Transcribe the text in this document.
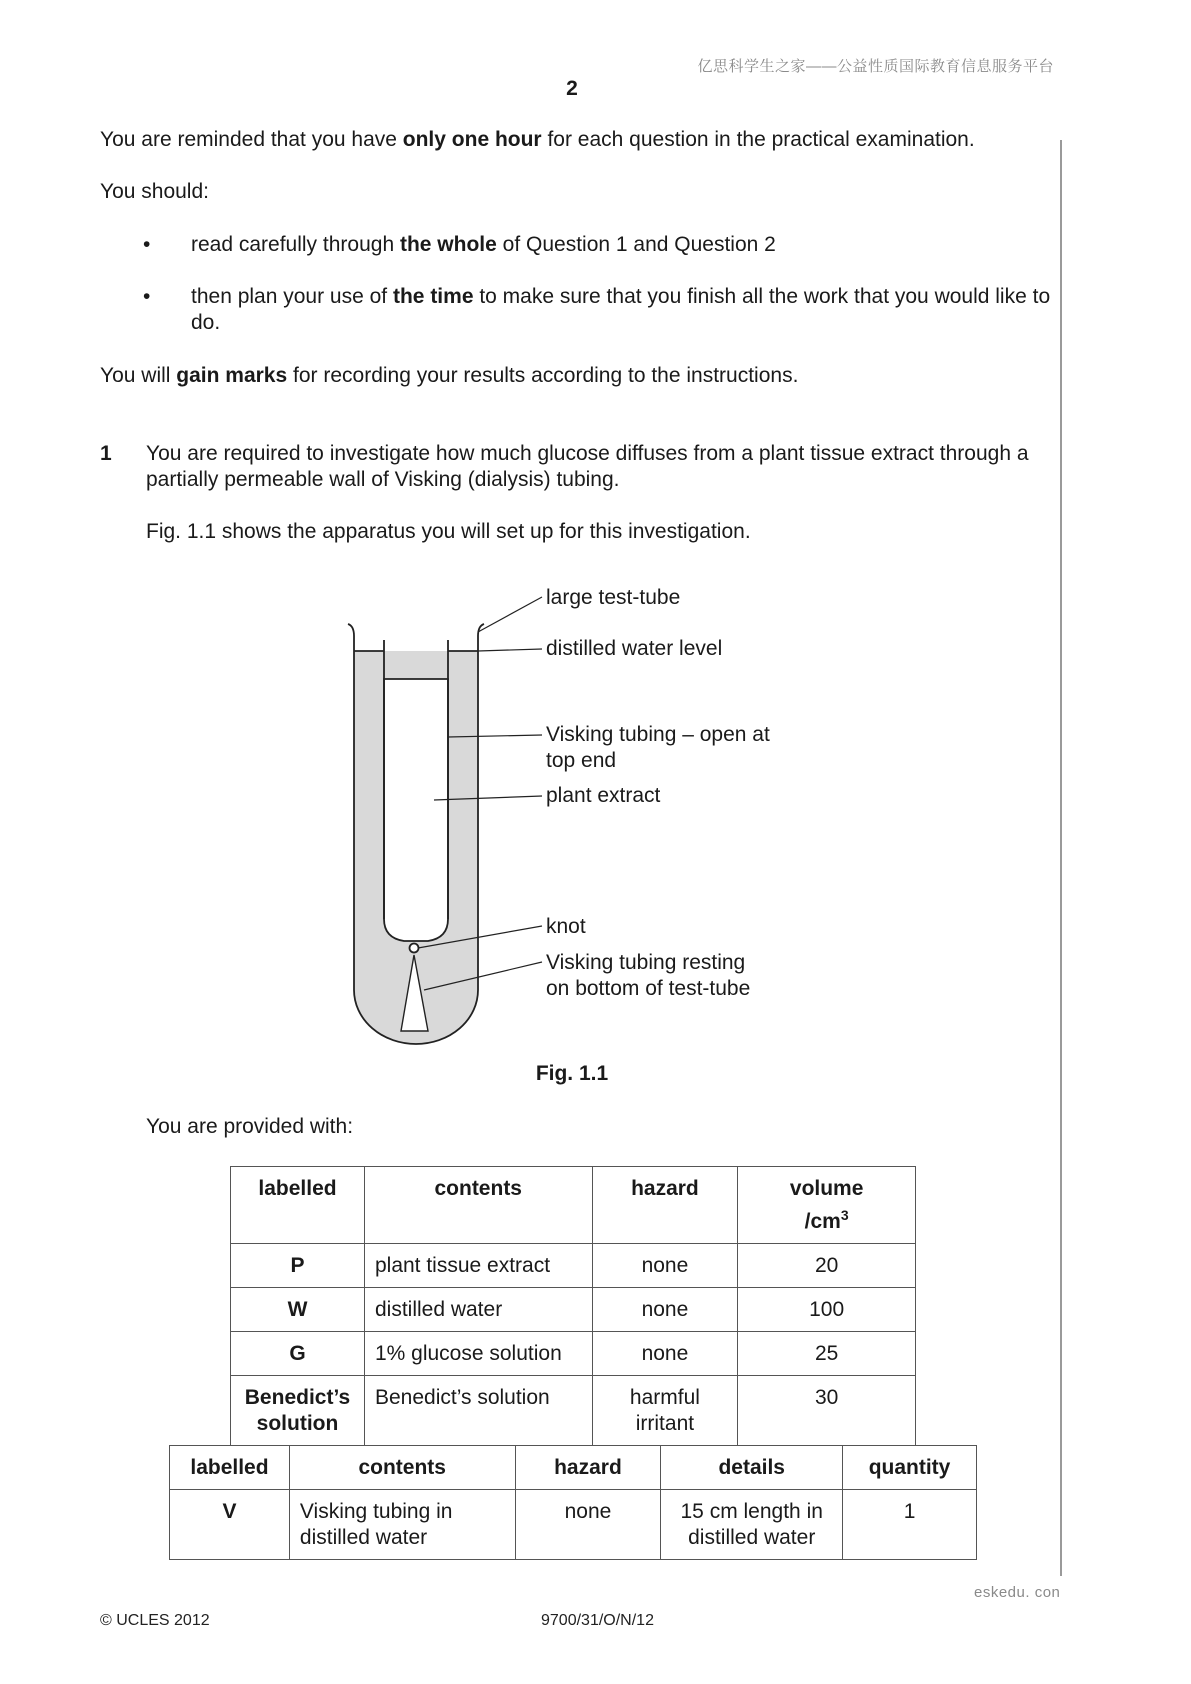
亿思科学生之家——公益性质国际教育信息服务平台
2
You are reminded that you have only one hour for each question in the practical examination.
You should:
• read carefully through the whole of Question 1 and Question 2
• then plan your use of the time to make sure that you finish all the work that you would like to do.
You will gain marks for recording your results according to the instructions.
1 You are required to investigate how much glucose diffuses from a plant tissue extract through a partially permeable wall of Visking (dialysis) tubing.
Fig. 1.1 shows the apparatus you will set up for this investigation.
large test-tube
distilled water level
Visking tubing – open at
top end
plant extract
knot
Visking tubing resting
on bottom of test-tube
Fig. 1.1
You are provided with:
labelled	contents	hazard	volume
$/cm^3$
P	plant tissue extract	none	20
W	distilled water	none	100
G	1% glucose solution	none	25
Benedict’s solution	Benedict’s solution	harmful irritant	30
labelled	contents	hazard	details	quantity
V	Visking tubing in distilled water	none	15 cm length in distilled water	1
eskedu. con
© UCLES 2012	9700/31/O/N/12
